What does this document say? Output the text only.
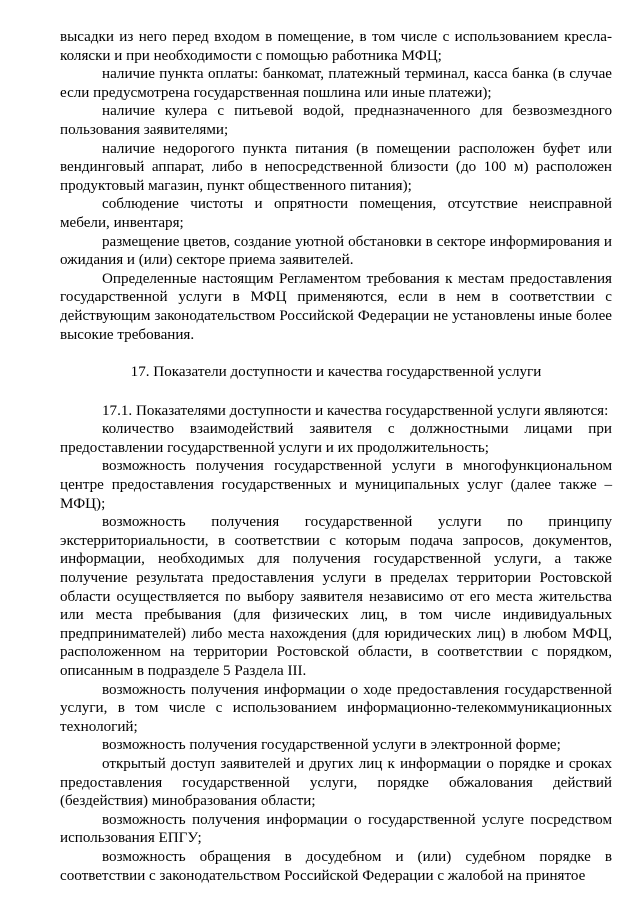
высадки из него перед входом в помещение, в том числе с использованием кресла-коляски и при необходимости с помощью работника МФЦ;

наличие пункта оплаты: банкомат, платежный терминал, касса банка (в случае если предусмотрена государственная пошлина или иные платежи);

наличие кулера с питьевой водой, предназначенного для безвозмездного пользования заявителями;

наличие недорогого пункта питания (в помещении расположен буфет или вендинговый аппарат, либо в непосредственной близости (до 100 м) расположен продуктовый магазин, пункт общественного питания);

соблюдение чистоты и опрятности помещения, отсутствие неисправной мебели, инвентаря;

размещение цветов, создание уютной обстановки в секторе информирования и ожидания и (или) секторе приема заявителей.

Определенные настоящим Регламентом требования к местам предоставления государственной услуги в МФЦ применяются, если в нем в соответствии с действующим законодательством Российской Федерации не установлены иные более высокие требования.

17. Показатели доступности и качества государственной услуги

17.1. Показателями доступности и качества государственной услуги являются:

количество взаимодействий заявителя с должностными лицами при предоставлении государственной услуги и их продолжительность;

возможность получения государственной услуги в многофункциональном центре предоставления государственных и муниципальных услуг (далее также – МФЦ);

возможность получения государственной услуги по принципу экстерриториальности, в соответствии с которым подача запросов, документов, информации, необходимых для получения государственной услуги, а также получение результата предоставления услуги в пределах территории Ростовской области осуществляется по выбору заявителя независимо от его места жительства или места пребывания (для физических лиц, в том числе индивидуальных предпринимателей) либо места нахождения (для юридических лиц) в любом МФЦ, расположенном на территории Ростовской области, в соответствии с порядком, описанным в подразделе 5 Раздела III.

возможность получения информации о ходе предоставления государственной услуги, в том числе с использованием информационно-телекоммуникационных технологий;

возможность получения государственной услуги в электронной форме;

открытый доступ заявителей и других лиц к информации о порядке и сроках предоставления государственной услуги, порядке обжалования действий (бездействия) минобразования области;

возможность получения информации о государственной услуге посредством использования ЕПГУ;

возможность обращения в досудебном и (или) судебном порядке в соответствии с законодательством Российской Федерации с жалобой на принятое
